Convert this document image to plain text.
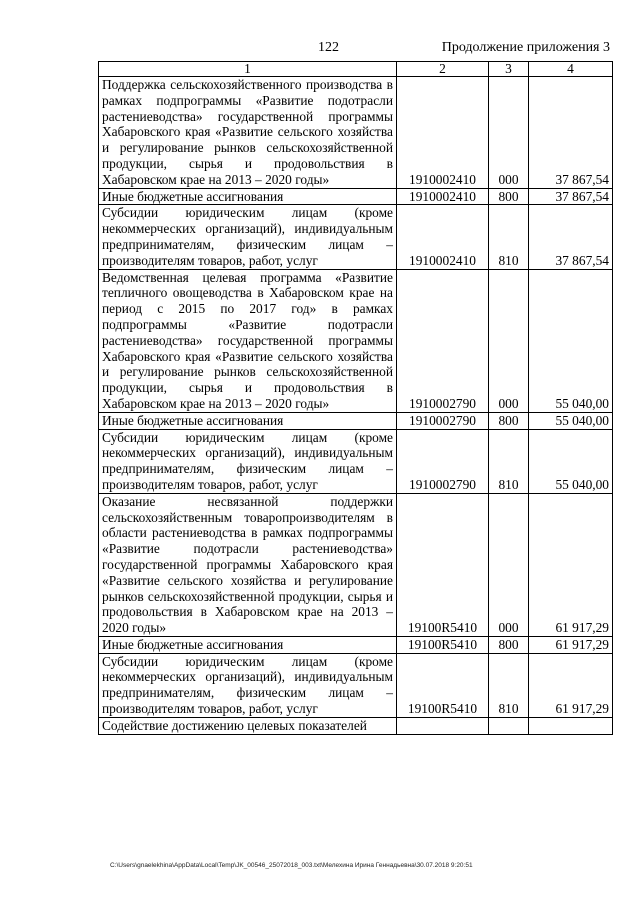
122	Продолжение приложения 3
1	2	3	4
Поддержка сельскохозяйственного производства в рамках подпрограммы «Развитие подотрасли растениеводства» государственной программы Хабаровского края «Развитие сельского хозяйства и регулирование рынков сельскохозяйственной продукции, сырья и продовольствия в Хабаровском крае на 2013 – 2020 годы»	1910002410	000	37 867,54
Иные бюджетные ассигнования	1910002410	800	37 867,54
Субсидии юридическим лицам (кроме некоммерческих организаций), индивидуальным предпринимателям, физическим лицам – производителям товаров, работ, услуг	1910002410	810	37 867,54
Ведомственная целевая программа «Развитие тепличного овощеводства в Хабаровском крае на период с 2015 по 2017 год» в рамках подпрограммы «Развитие подотрасли растениеводства» государственной программы Хабаровского края «Развитие сельского хозяйства и регулирование рынков сельскохозяйственной продукции, сырья и продовольствия в Хабаровском крае на 2013 – 2020 годы»	1910002790	000	55 040,00
Иные бюджетные ассигнования	1910002790	800	55 040,00
Субсидии юридическим лицам (кроме некоммерческих организаций), индивидуальным предпринимателям, физическим лицам – производителям товаров, работ, услуг	1910002790	810	55 040,00
Оказание несвязанной поддержки сельскохозяйственным товаропроизводителям в области растениеводства в рамках подпрограммы «Развитие подотрасли растениеводства» государственной программы Хабаровского края «Развитие сельского хозяйства и регулирование рынков сельскохозяйственной продукции, сырья и продовольствия в Хабаровском крае на 2013 – 2020 годы»	19100R5410	000	61 917,29
Иные бюджетные ассигнования	19100R5410	800	61 917,29
Субсидии юридическим лицам (кроме некоммерческих организаций), индивидуальным предпринимателям, физическим лицам – производителям товаров, работ, услуг	19100R5410	810	61 917,29
Содействие достижению целевых показателей			
C:\Users\gnaelekhina\AppData\Local\Temp\JK_00546_25072018_003.txt\Мелехина Ирина Геннадьевна\30.07.2018 9:20:51
